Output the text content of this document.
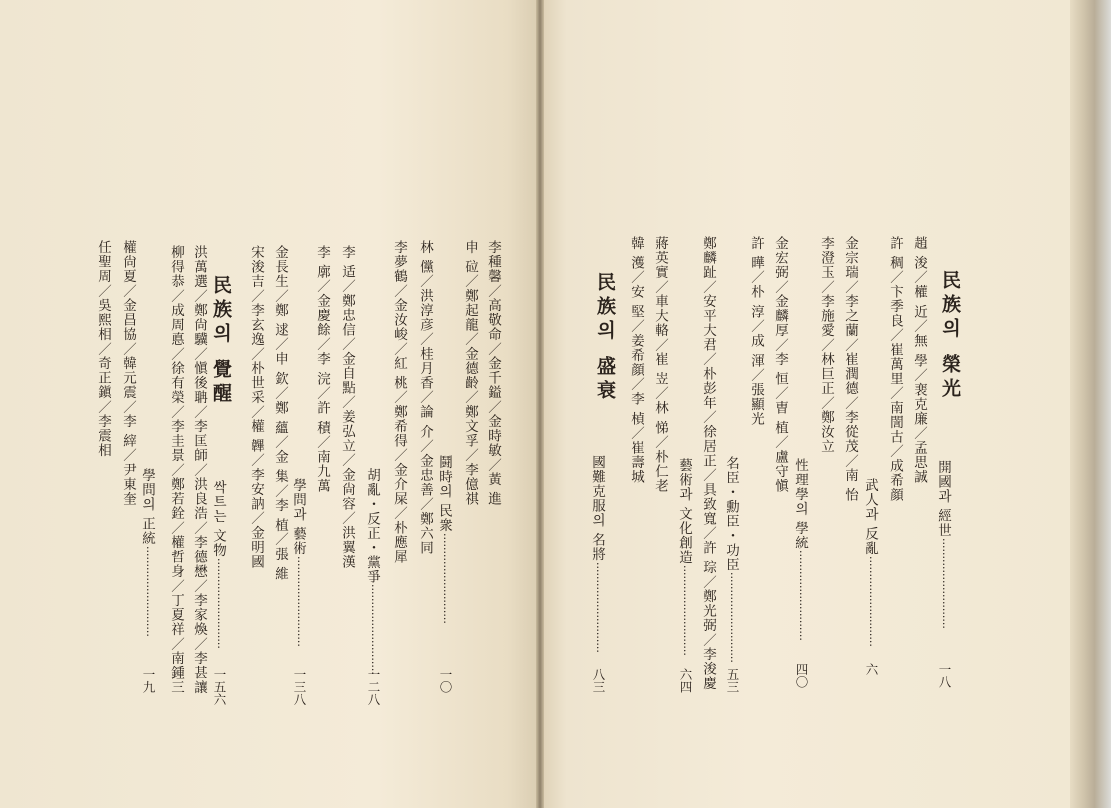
鬪時의 民衆··························
一〇
李種馨／高敬命／金千鎰／金時敏／黃 進
申 砬／鄭起龍／金德齡／鄭文孚／李億祺
林 儻／洪淳彦／桂月香／論 介／金忠善／鄭六同
李夢鶴／金汝峻／紅 桃／鄭希得／金介屎／朴應犀
胡亂・反正・黨爭··························
一二八
李 适／鄭忠信／金自點／姜弘立／金尙容／洪翼漢
李 廓／金慶餘／李 浣／許 積／南九萬
學問과 藝術··························
一三八
金長生／鄭 逑／申 欽／鄭 蘊／金 集／李 植／張 維
宋浚吉／李玄逸／朴世采／權 韠／李安訥／金明國
民族의 覺醒
싹트는 文物··························
一五六
洪萬選／鄭尙驥／愼後聃／李匡師／洪良浩／李德懋／李家煥／李甚讓
柳得恭／成周悳／徐有榮／李圭景／鄭若銓／權哲身／丁夏祥／南鍾三
學問의 正統··························
一九
權尙夏／金昌協／韓元震／李 縡／尹東奎
任聖周／吳熙相／奇正鎭／李震相
民族의 榮光
開國과 經世··························
一八
趙 浚／權 近／無 學／裵克廉／孟思誠
許 稠／卞季良／崔萬里／南誾古／成希顔
武人과 反亂··························
六
金宗瑞／李之蘭／崔潤德／李從茂／南 怡
李澄玉／李施愛／林巨正／鄭汝立
性理學의 學統··························
四〇
金宏弼／金麟厚／李 恒／曺 植／盧守愼
許 曄／朴 淳／成 渾／張顯光
名臣・勳臣・功臣··························
五三
鄭麟趾／安平大君／朴彭年／徐居正／具致寬／許 琮／鄭光弼／李浚慶
藝術과 文化創造··························
六四
蔣英實／車大輅／崔 岦／林 悌／朴仁老
韓 濩／安 堅／姜希顔／李 楨／崔壽城
民族의 盛衰
國難克服의 名將··························
八三
